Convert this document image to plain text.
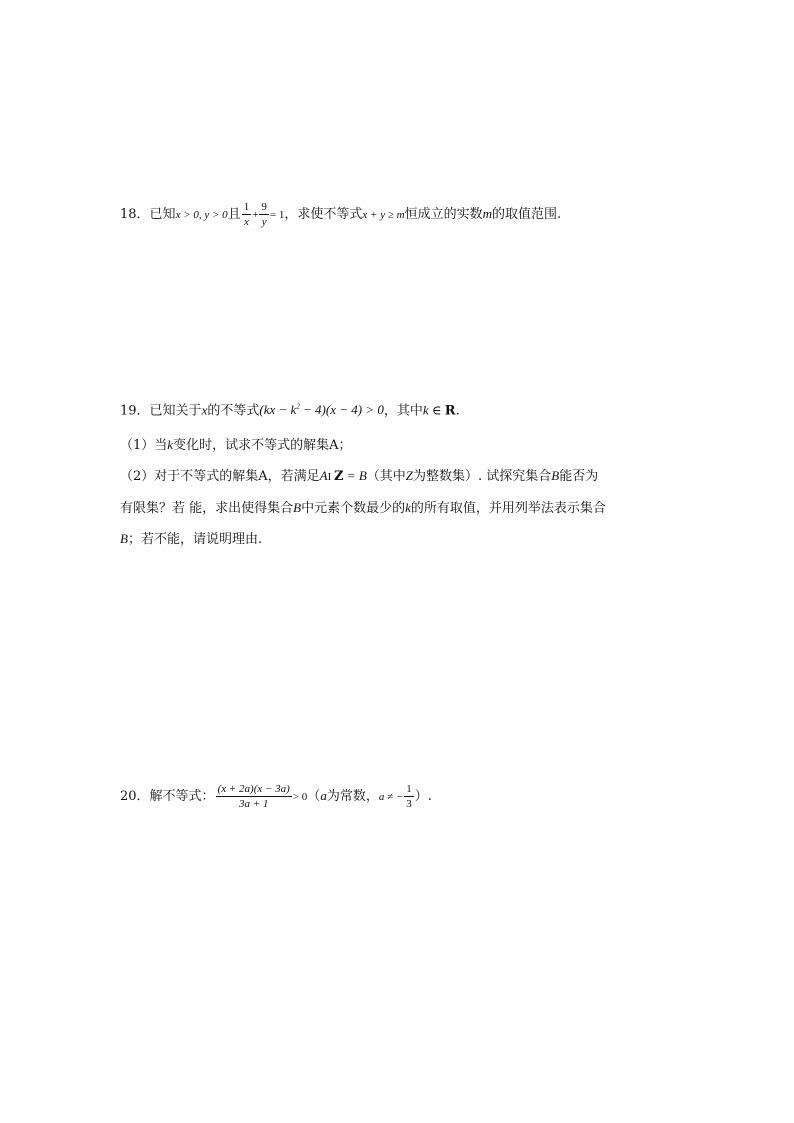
18．已知x > 0, y > 0且 $\frac{1}{x} + \frac{9}{y} = 1$，求使不等式x + y ≥ m恒成立的实数m的取值范围.
19．已知关于x的不等式$(kx - k^2 - 4)(x - 4) > 0$，其中k ∈ R.
（1）当k变化时，试求不等式的解集A；
（2）对于不等式的解集A，若满足AI Z = B（其中Z为整数集）. 试探究集合B能否为
有限集？若 能，求出使得集合B中元素个数最少的k的所有取值，并用列举法表示集合
B；若不能，请说明理由.
20．解不等式： $\frac{(x + 2a)(x - 3a)}{3a + 1} > 0(a$为常数，a ≠ − $\frac{1}{3}$ ）.
